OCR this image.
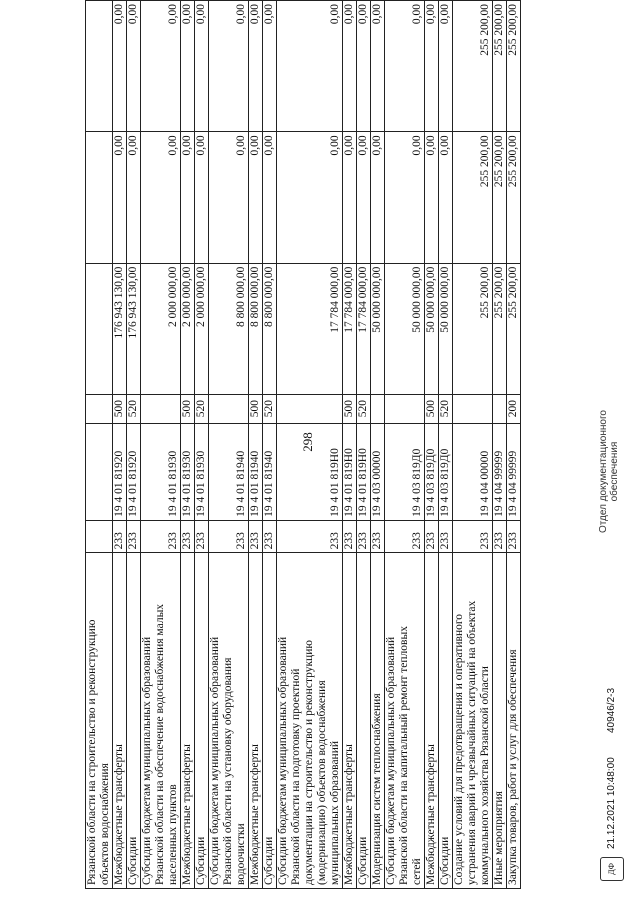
298
Рязанской области на строительство и реконструкцию
объектов водоснабжения						
Межбюджетные трансферты	233	19 4 01 81920	500	176 943 130,00	0,00	0,00
Субсидии	233	19 4 01 81920	520	176 943 130,00	0,00	0,00
Субсидии бюджетам муниципальных образований
Рязанской области на обеспечение водоснабжения малых
населенных пунктов	233	19 4 01 81930		2 000 000,00	0,00	0,00
Межбюджетные трансферты	233	19 4 01 81930	500	2 000 000,00	0,00	0,00
Субсидии	233	19 4 01 81930	520	2 000 000,00	0,00	0,00
Субсидии бюджетам муниципальных образований
Рязанской области на установку оборудования
водоочистки	233	19 4 01 81940		8 800 000,00	0,00	0,00
Межбюджетные трансферты	233	19 4 01 81940	500	8 800 000,00	0,00	0,00
Субсидии	233	19 4 01 81940	520	8 800 000,00	0,00	0,00
Субсидии бюджетам муниципальных образований
Рязанской области на подготовку проектной
документации на строительство и реконструкцию
(модернизацию) объектов водоснабжения
муниципальных образований	233	19 4 01 819Н0		17 784 000,00	0,00	0,00
Межбюджетные трансферты	233	19 4 01 819Н0	500	17 784 000,00	0,00	0,00
Субсидии	233	19 4 01 819Н0	520	17 784 000,00	0,00	0,00
Модернизация систем теплоснабжения	233	19 4 03 00000		50 000 000,00	0,00	0,00
Субсидии бюджетам муниципальных образований
Рязанской области на капитальный ремонт тепловых
сетей	233	19 4 03 819Д0		50 000 000,00	0,00	0,00
Межбюджетные трансферты	233	19 4 03 819Д0	500	50 000 000,00	0,00	0,00
Субсидии	233	19 4 03 819Д0	520	50 000 000,00	0,00	0,00
Создание условий для предотвращения и оперативного
устранения аварий и чрезвычайных ситуаций на объектах
коммунального хозяйства Рязанской области	233	19 4 04 00000		255 200,00	255 200,00	255 200,00
Иные мероприятия	233	19 4 04 99999		255 200,00	255 200,00	255 200,00
Закупка товаров, работ и услуг для обеспечения	233	19 4 04 99999	200	255 200,00	255 200,00	255 200,00
ДФ
21.12.2021 10:48:00
40946/2-3
Отдел документационного
обеспечения
